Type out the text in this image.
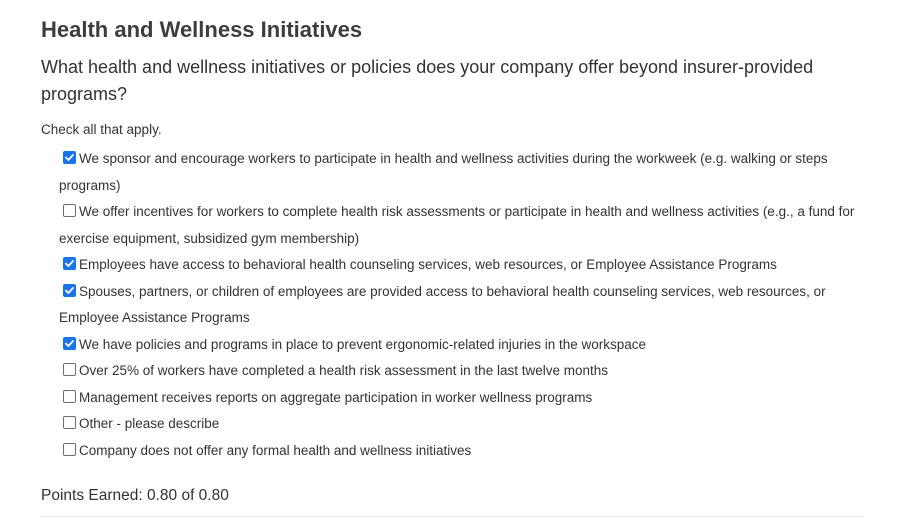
Health and Wellness Initiatives

What health and wellness initiatives or policies does your company offer beyond insurer-provided programs?

Check all that apply.
We sponsor and encourage workers to participate in health and wellness activities during the workweek (e.g. walking or steps programs)
We offer incentives for workers to complete health risk assessments or participate in health and wellness activities (e.g., a fund for exercise equipment, subsidized gym membership)
Employees have access to behavioral health counseling services, web resources, or Employee Assistance Programs
Spouses, partners, or children of employees are provided access to behavioral health counseling services, web resources, or Employee Assistance Programs
We have policies and programs in place to prevent ergonomic-related injuries in the workspace
Over 25% of workers have completed a health risk assessment in the last twelve months
Management receives reports on aggregate participation in worker wellness programs
Other - please describe
Company does not offer any formal health and wellness initiatives
Points Earned: 0.80 of 0.80
